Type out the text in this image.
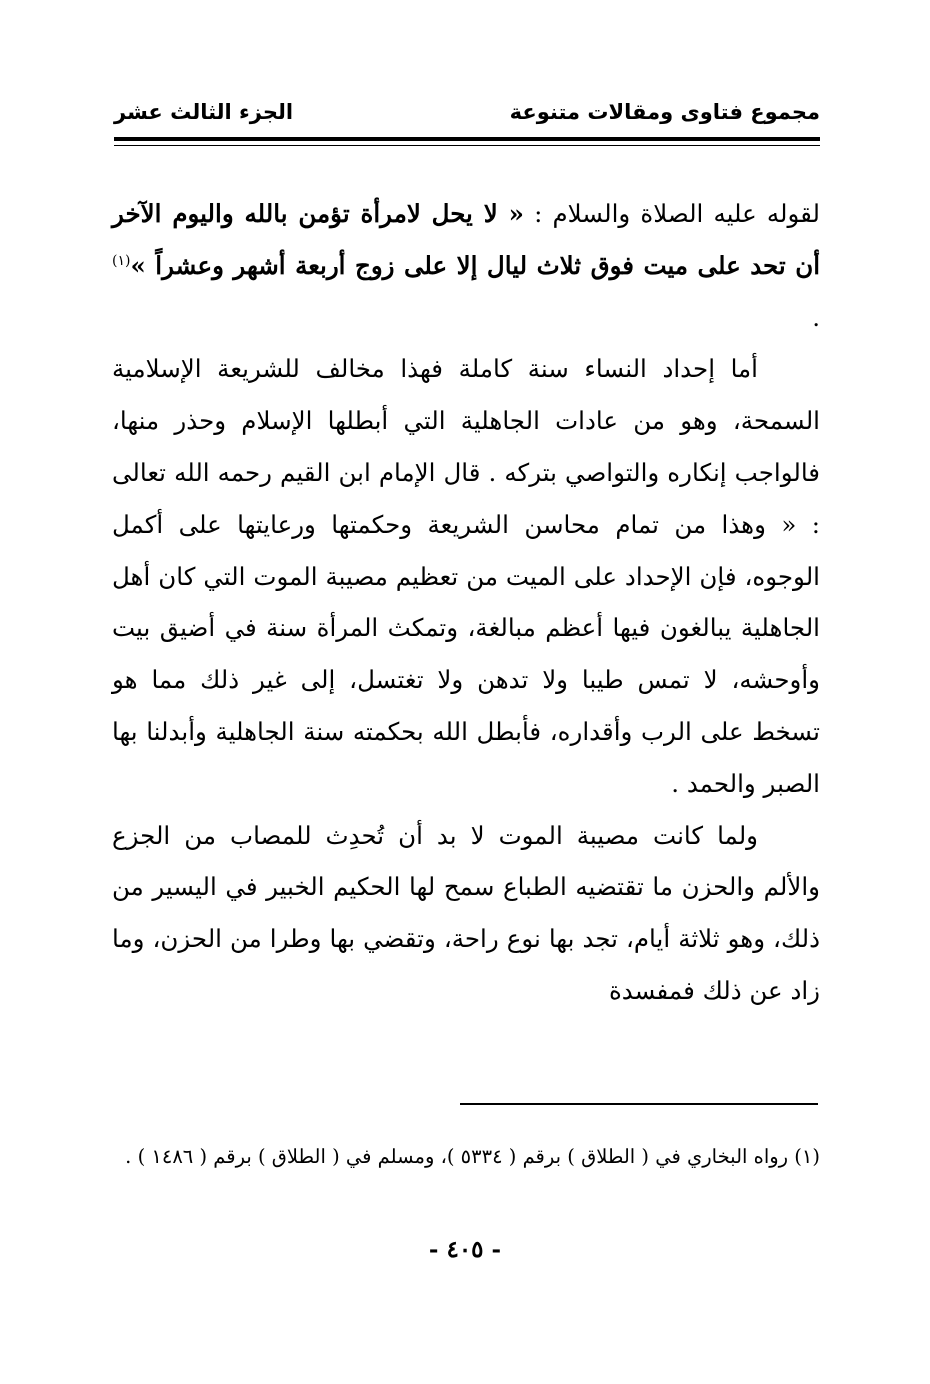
مجموع فتاوى ومقالات متنوعة
الجزء الثالث عشر

لقوله عليه الصلاة والسلام : « لا يحل لامرأة تؤمن بالله واليوم الآخر أن تحد على ميت فوق ثلاث ليال إلا على زوج أربعة أشهر وعشراً »$^{(١)}$ .

أما إحداد النساء سنة كاملة فهذا مخالف للشريعة الإسلامية السمحة، وهو من عادات الجاهلية التي أبطلها الإسلام وحذر منها، فالواجب إنكاره والتواصي بتركه . قال الإمام ابن القيم رحمه الله تعالى : « وهذا من تمام محاسن الشريعة وحكمتها ورعايتها على أكمل الوجوه، فإن الإحداد على الميت من تعظيم مصيبة الموت التي كان أهل الجاهلية يبالغون فيها أعظم مبالغة، وتمكث المرأة سنة في أضيق بيت وأوحشه، لا تمس طيبا ولا تدهن ولا تغتسل، إلى غير ذلك مما هو تسخط على الرب وأقداره، فأبطل الله بحكمته سنة الجاهلية وأبدلنا بها الصبر والحمد .

ولما كانت مصيبة الموت لا بد أن تُحدِث للمصاب من الجزع والألم والحزن ما تقتضيه الطباع سمح لها الحكيم الخبير في اليسير من ذلك، وهو ثلاثة أيام، تجد بها نوع راحة، وتقضي بها وطرا من الحزن، وما زاد عن ذلك فمفسدة

(١) رواه البخاري في ( الطلاق ) برقم ( ٥٣٣٤ )، ومسلم في ( الطلاق ) برقم ( ١٤٨٦ ) .

- ٤٠٥ -
